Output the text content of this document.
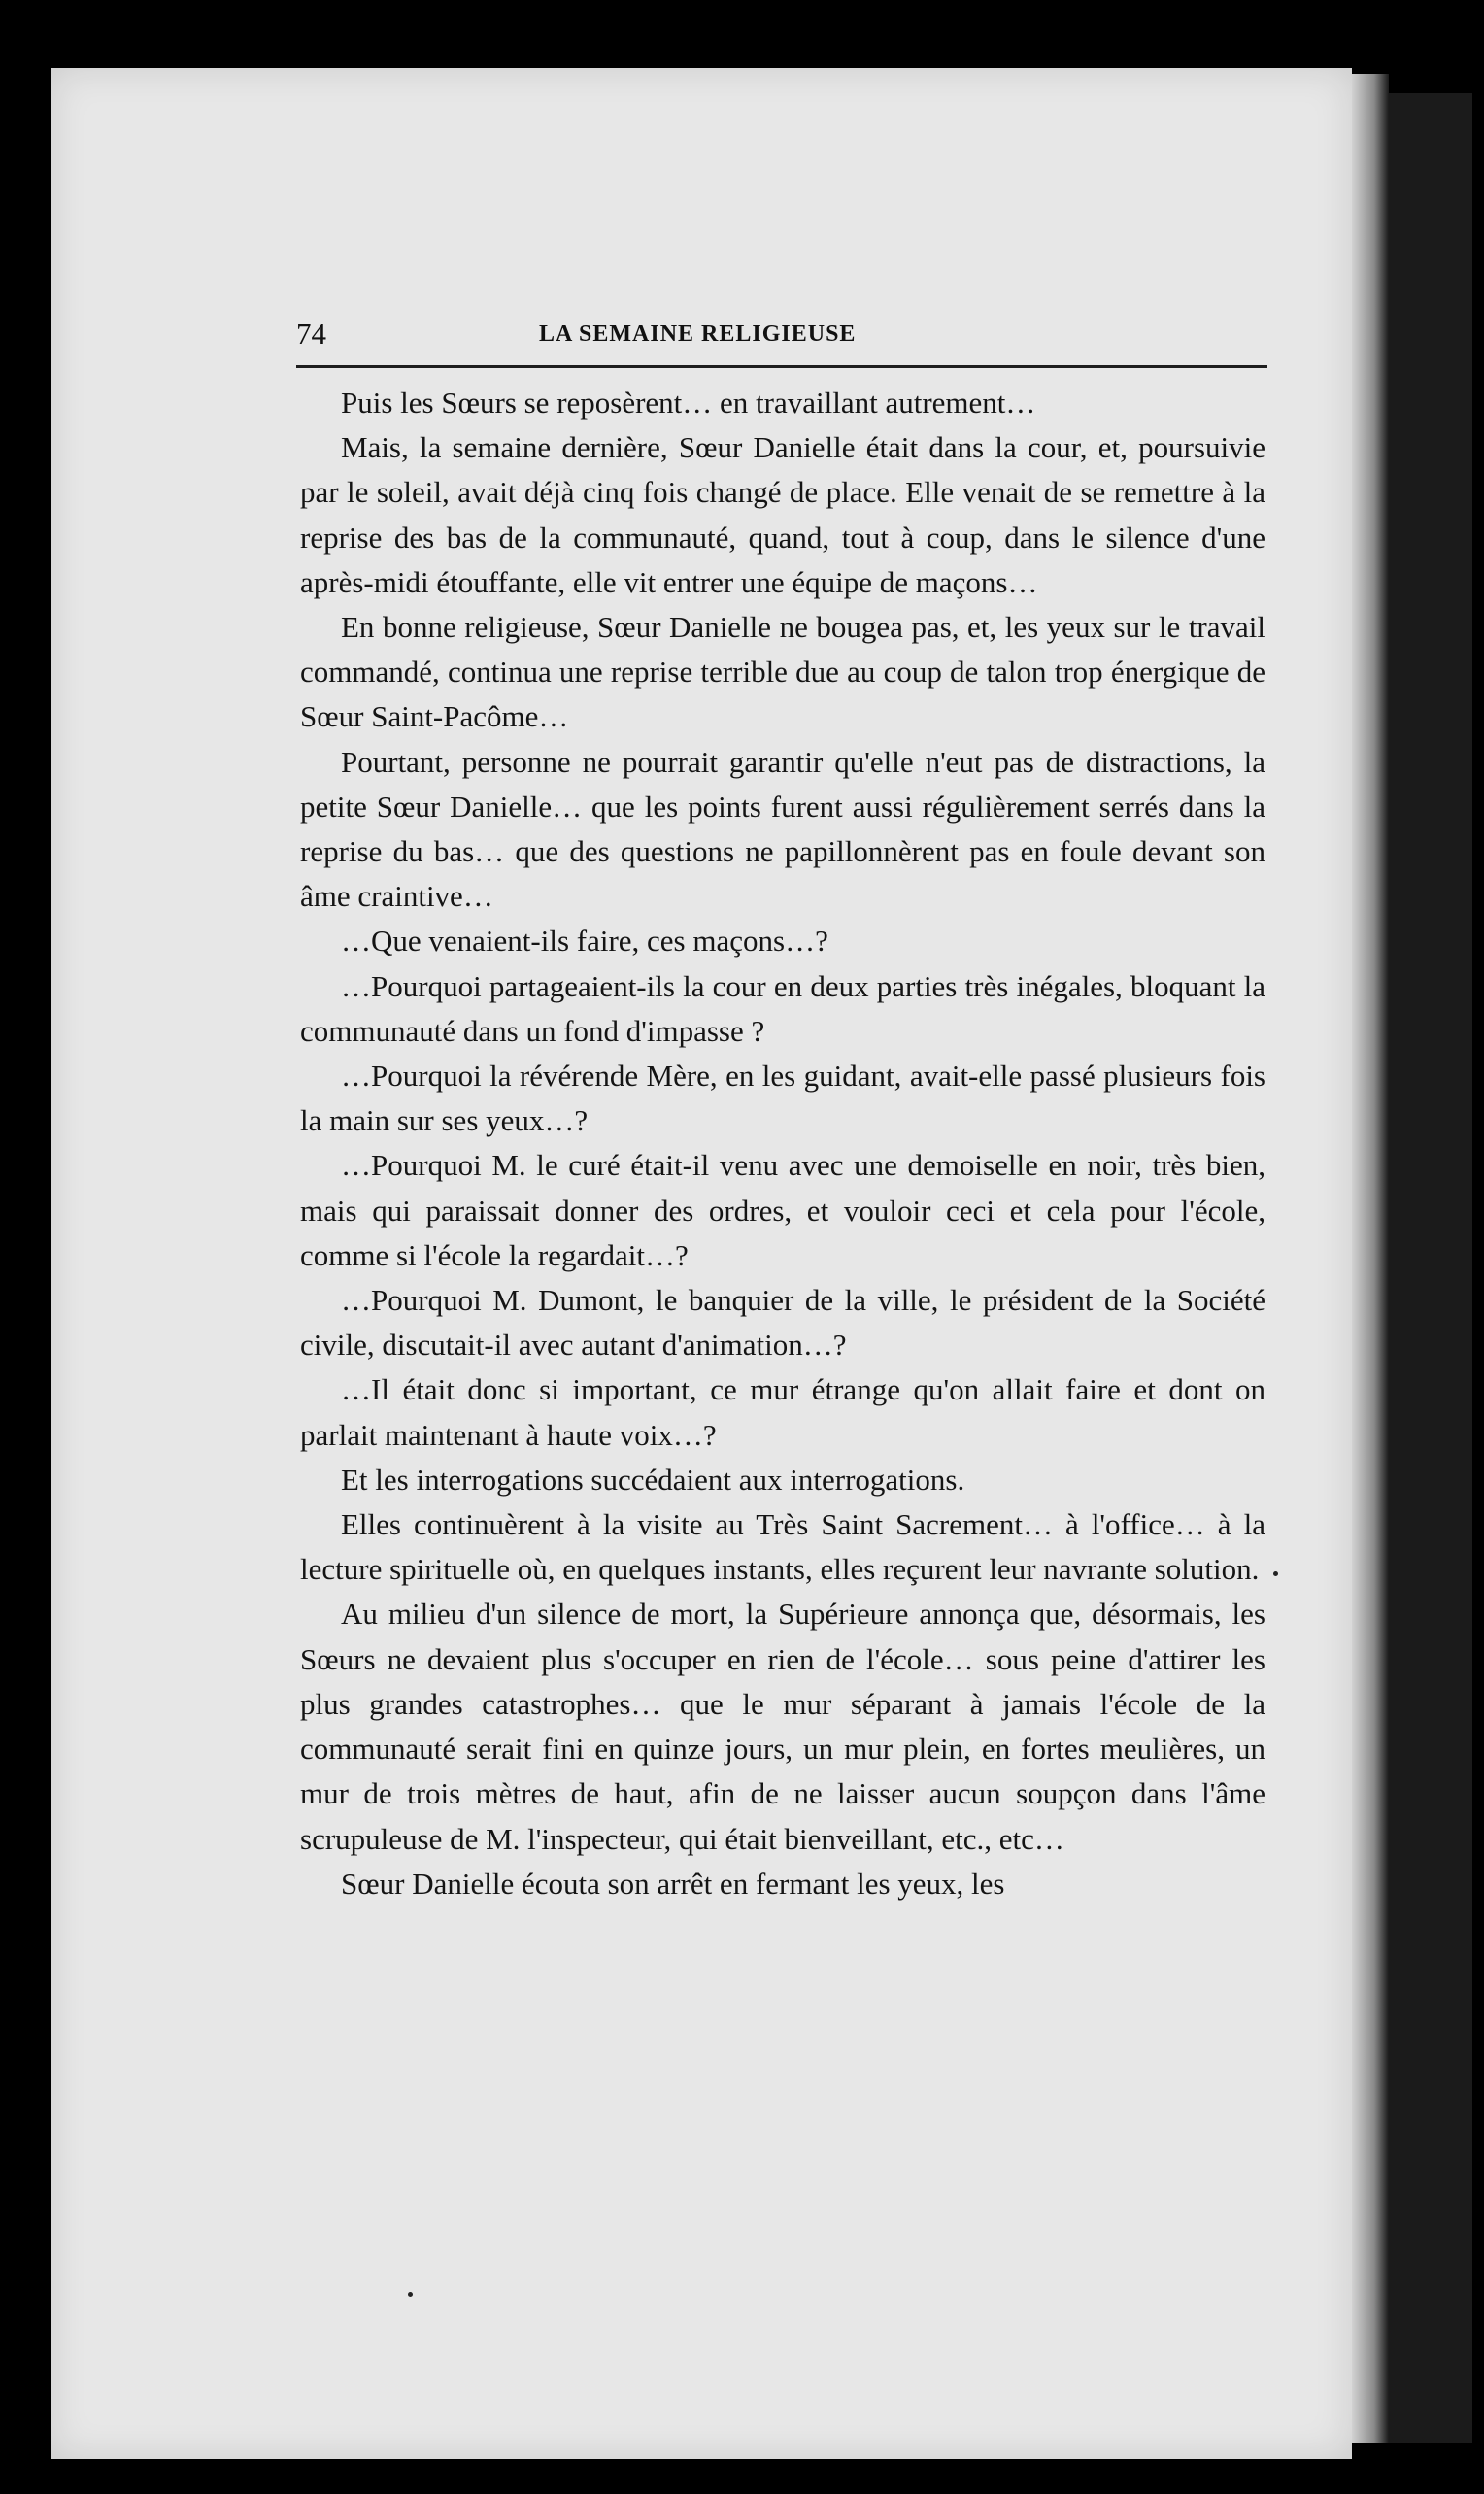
74	LA SEMAINE RELIGIEUSE

Puis les Sœurs se reposèrent… en travaillant autrement…

Mais, la semaine dernière, Sœur Danielle était dans la cour, et, poursuivie par le soleil, avait déjà cinq fois changé de place. Elle venait de se remettre à la reprise des bas de la communauté, quand, tout à coup, dans le silence d'une après-midi étouffante, elle vit entrer une équipe de maçons…

En bonne religieuse, Sœur Danielle ne bougea pas, et, les yeux sur le travail commandé, continua une reprise terrible due au coup de talon trop énergique de Sœur Saint-Pacôme…

Pourtant, personne ne pourrait garantir qu'elle n'eut pas de distractions, la petite Sœur Danielle… que les points furent aussi régulièrement serrés dans la reprise du bas… que des questions ne papillonnèrent pas en foule devant son âme craintive…

…Que venaient-ils faire, ces maçons…?

…Pourquoi partageaient-ils la cour en deux parties très inégales, bloquant la communauté dans un fond d'impasse ?

…Pourquoi la révérende Mère, en les guidant, avait-elle passé plusieurs fois la main sur ses yeux…?

…Pourquoi M. le curé était-il venu avec une demoiselle en noir, très bien, mais qui paraissait donner des ordres, et vouloir ceci et cela pour l'école, comme si l'école la regardait…?

…Pourquoi M. Dumont, le banquier de la ville, le président de la Société civile, discutait-il avec autant d'animation…?

…Il était donc si important, ce mur étrange qu'on allait faire et dont on parlait maintenant à haute voix…?

Et les interrogations succédaient aux interrogations.

Elles continuèrent à la visite au Très Saint Sacrement… à l'office… à la lecture spirituelle où, en quelques instants, elles reçurent leur navrante solution.

Au milieu d'un silence de mort, la Supérieure annonça que, désormais, les Sœurs ne devaient plus s'occuper en rien de l'école… sous peine d'attirer les plus grandes catastrophes… que le mur séparant à jamais l'école de la communauté serait fini en quinze jours, un mur plein, en fortes meulières, un mur de trois mètres de haut, afin de ne laisser aucun soupçon dans l'âme scrupuleuse de M. l'inspecteur, qui était bienveillant, etc., etc…

Sœur Danielle écouta son arrêt en fermant les yeux, les
